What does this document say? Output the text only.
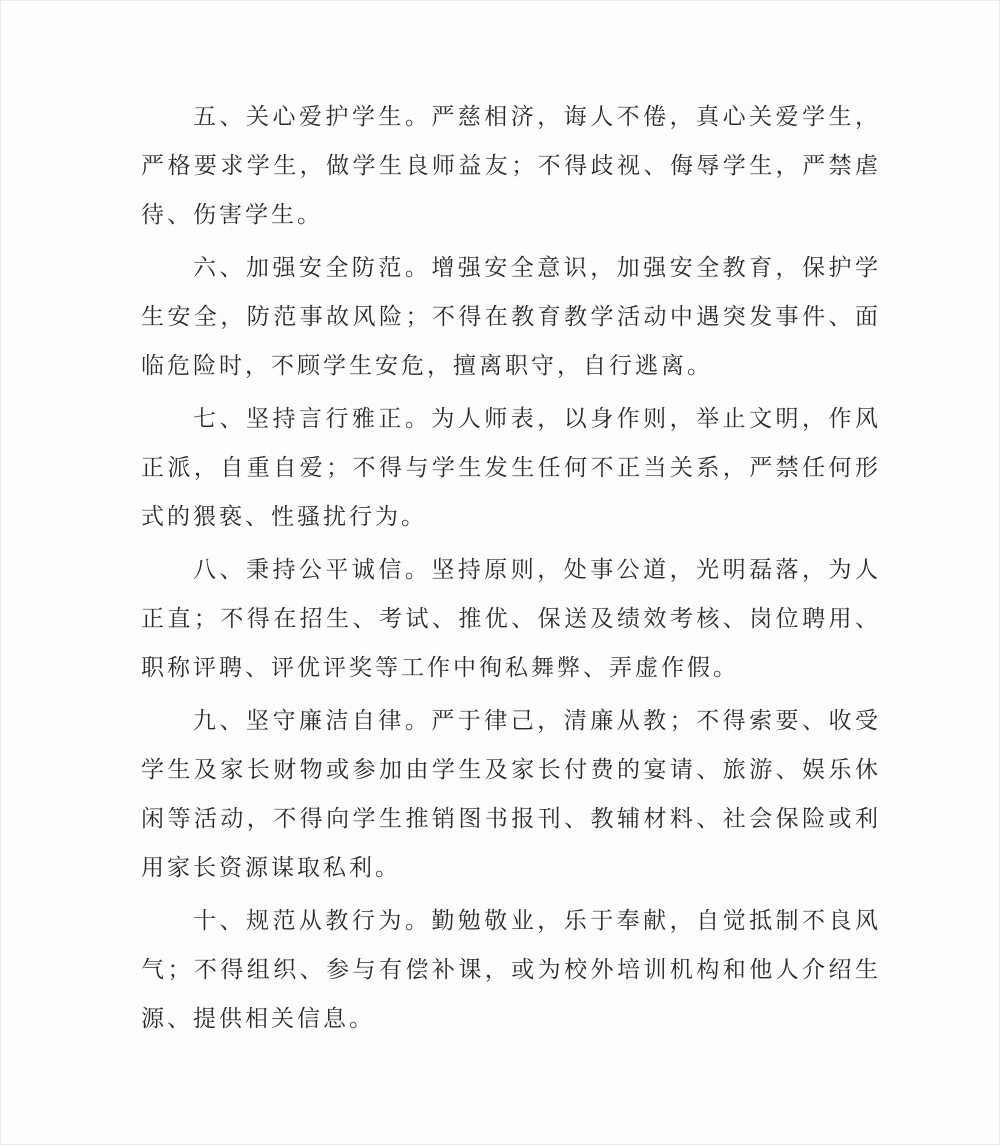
五、关心爱护学生。严慈相济，诲人不倦，真心关爱学生，严格要求学生，做学生良师益友；不得歧视、侮辱学生，严禁虐待、伤害学生。

六、加强安全防范。增强安全意识，加强安全教育，保护学生安全，防范事故风险；不得在教育教学活动中遇突发事件、面临危险时，不顾学生安危，擅离职守，自行逃离。

七、坚持言行雅正。为人师表，以身作则，举止文明，作风正派，自重自爱；不得与学生发生任何不正当关系，严禁任何形式的猥亵、性骚扰行为。

八、秉持公平诚信。坚持原则，处事公道，光明磊落，为人正直；不得在招生、考试、推优、保送及绩效考核、岗位聘用、职称评聘、评优评奖等工作中徇私舞弊、弄虚作假。

九、坚守廉洁自律。严于律己，清廉从教；不得索要、收受学生及家长财物或参加由学生及家长付费的宴请、旅游、娱乐休闲等活动，不得向学生推销图书报刊、教辅材料、社会保险或利用家长资源谋取私利。

十、规范从教行为。勤勉敬业，乐于奉献，自觉抵制不良风气；不得组织、参与有偿补课，或为校外培训机构和他人介绍生源、提供相关信息。
